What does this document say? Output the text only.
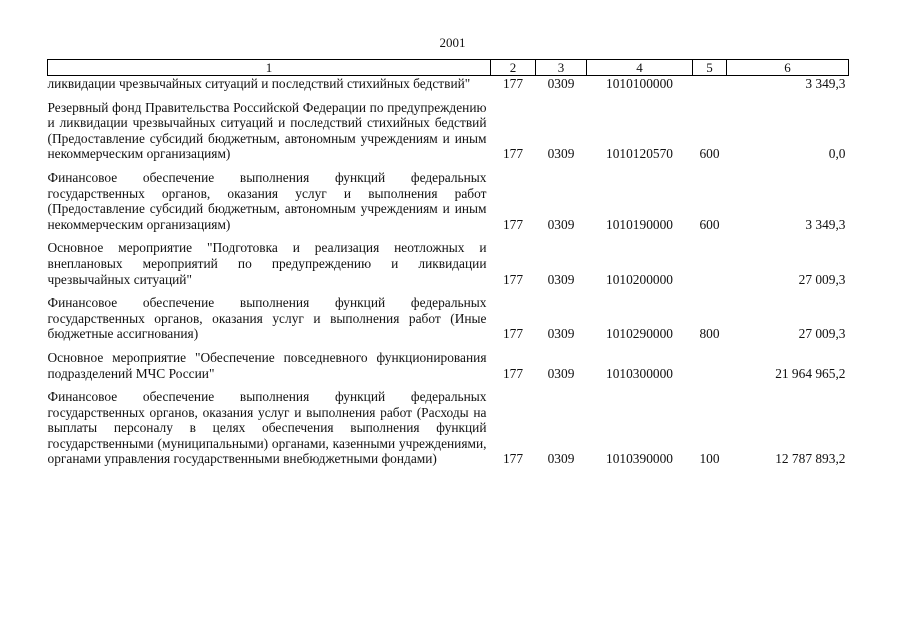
2001
1	2	3	4	5	6
ликвидации чрезвычайных ситуаций и последствий стихийных бедствий"	177	0309	1010100000		3 349,3
Резервный фонд Правительства Российской Федерации по предупреждению и ликвидации чрезвычайных ситуаций и последствий стихийных бедствий (Предоставление субсидий бюджетным, автономным учреждениям и иным некоммерческим организациям)	177	0309	1010120570	600	0,0
Финансовое обеспечение выполнения функций федеральных государственных органов, оказания услуг и выполнения работ (Предоставление субсидий бюджетным, автономным учреждениям и иным некоммерческим организациям)	177	0309	1010190000	600	3 349,3
Основное мероприятие "Подготовка и реализация неотложных и внеплановых мероприятий по предупреждению и ликвидации чрезвычайных ситуаций"	177	0309	1010200000		27 009,3
Финансовое обеспечение выполнения функций федеральных государственных органов, оказания услуг и выполнения работ (Иные бюджетные ассигнования)	177	0309	1010290000	800	27 009,3
Основное мероприятие "Обеспечение повседневного функционирования подразделений МЧС России"	177	0309	1010300000		21 964 965,2
Финансовое обеспечение выполнения функций федеральных государственных органов, оказания услуг и выполнения работ (Расходы на выплаты персоналу в целях обеспечения выполнения функций государственными (муниципальными) органами, казенными учреждениями, органами управления государственными внебюджетными фондами)	177	0309	1010390000	100	12 787 893,2
